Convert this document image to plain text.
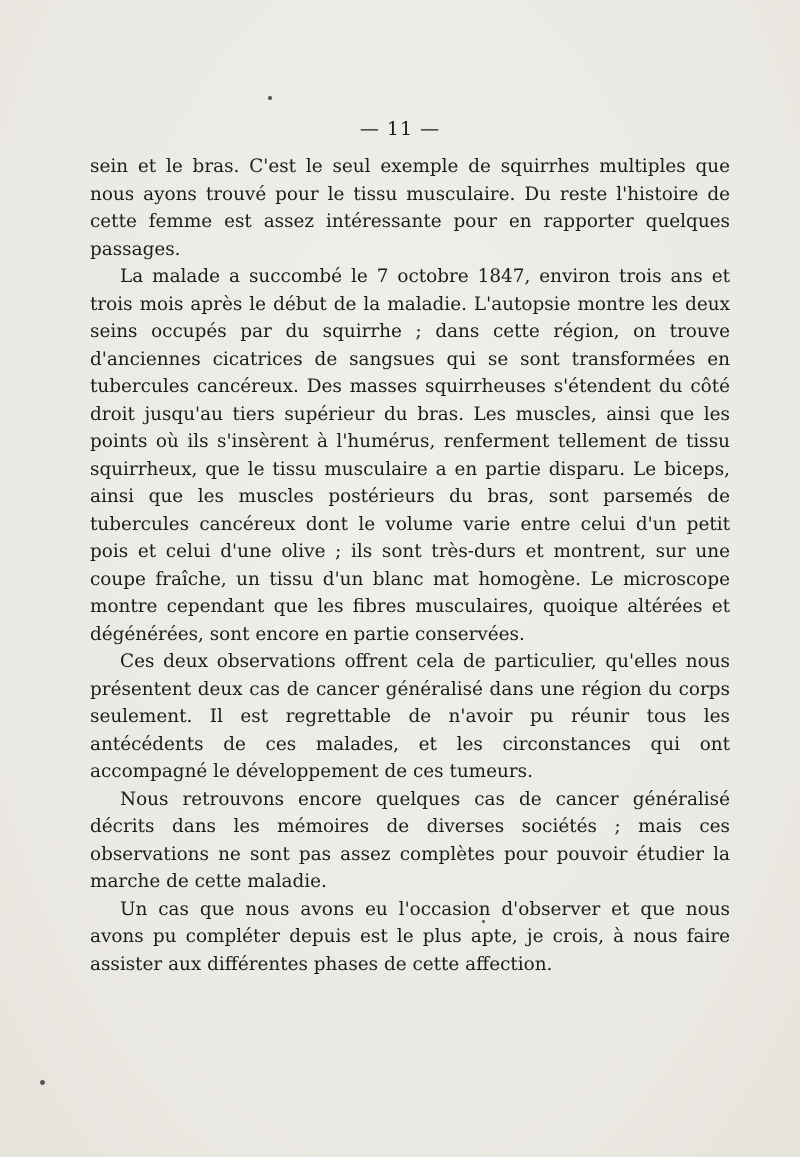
— 11 —

sein et le bras. C'est le seul exemple de squirrhes multiples que nous ayons trouvé pour le tissu musculaire. Du reste l'histoire de cette femme est assez intéressante pour en rapporter quelques passages.

La malade a succombé le 7 octobre 1847, environ trois ans et trois mois après le début de la maladie. L'autopsie montre les deux seins occupés par du squirrhe ; dans cette région, on trouve d'anciennes cicatrices de sangsues qui se sont transformées en tubercules cancéreux. Des masses squirrheuses s'étendent du côté droit jusqu'au tiers supérieur du bras. Les muscles, ainsi que les points où ils s'insèrent à l'humérus, renferment tellement de tissu squirrheux, que le tissu musculaire a en partie disparu. Le biceps, ainsi que les muscles postérieurs du bras, sont parsemés de tubercules cancéreux dont le volume varie entre celui d'un petit pois et celui d'une olive ; ils sont très-durs et montrent, sur une coupe fraîche, un tissu d'un blanc mat homogène. Le microscope montre cependant que les fibres musculaires, quoique altérées et dégénérées, sont encore en partie conservées.

Ces deux observations offrent cela de particulier, qu'elles nous présentent deux cas de cancer généralisé dans une région du corps seulement. Il est regrettable de n'avoir pu réunir tous les antécédents de ces malades, et les circonstances qui ont accompagné le développement de ces tumeurs.

Nous retrouvons encore quelques cas de cancer généralisé décrits dans les mémoires de diverses sociétés ; mais ces observations ne sont pas assez complètes pour pouvoir étudier la marche de cette maladie.

Un cas que nous avons eu l'occasion d'observer et que nous avons pu compléter depuis est le plus apte, je crois, à nous faire assister aux différentes phases de cette affection.
